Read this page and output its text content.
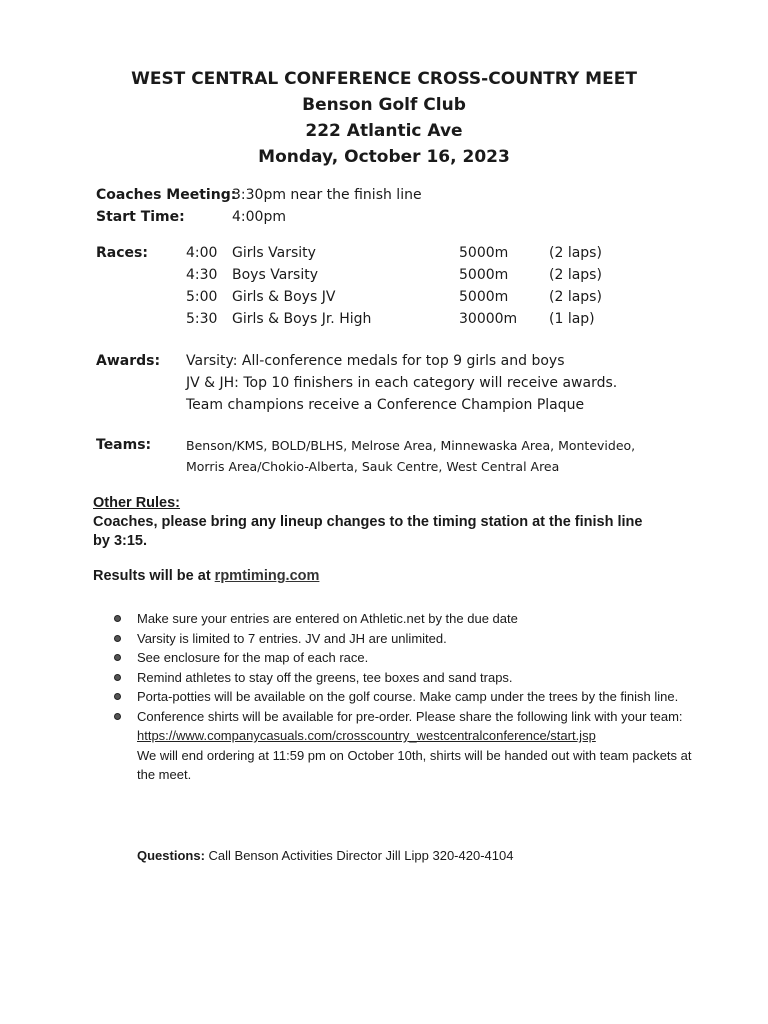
WEST CENTRAL CONFERENCE CROSS-COUNTRY MEET
Benson Golf Club
222 Atlantic Ave
Monday, October 16, 2023
Coaches Meeting:
3:30pm near the finish line
Start Time:	4:00pm
Races:	4:00 Girls Varsity	5000m	(2 laps)
4:30 Boys Varsity	5000m	(2 laps)
5:00 Girls & Boys JV	5000m	(2 laps)
5:30 Girls & Boys Jr. High	30000m (1 lap)
Awards: Varsity: All-conference medals for top 9 girls and boys
JV & JH: Top 10 finishers in each category will receive awards.
Team champions receive a Conference Champion Plaque
Teams:	Benson/KMS, BOLD/BLHS, Melrose Area, Minnewaska Area, Montevideo,
Morris Area/Chokio-Alberta, Sauk Centre, West Central Area
Other Rules:
Coaches, please bring any lineup changes to the timing station at the finish line
by 3:15.
Results will be at rpmtiming.com
Make sure your entries are entered on Athletic.net by the due date
Varsity is limited to 7 entries. JV and JH are unlimited.
See enclosure for the map of each race.
Remind athletes to stay off the greens, tee boxes and sand traps.
Porta-potties will be available on the golf course. Make camp under the trees by the finish line.
Conference shirts will be available for pre-order. Please share the following link with your team:
https://www.companycasuals.com/crosscountry_westcentralconference/start.jsp
We will end ordering at 11:59 pm on October 10th, shirts will be handed out with team packets at the meet.
Questions: Call Benson Activities Director Jill Lipp 320-420-4104
